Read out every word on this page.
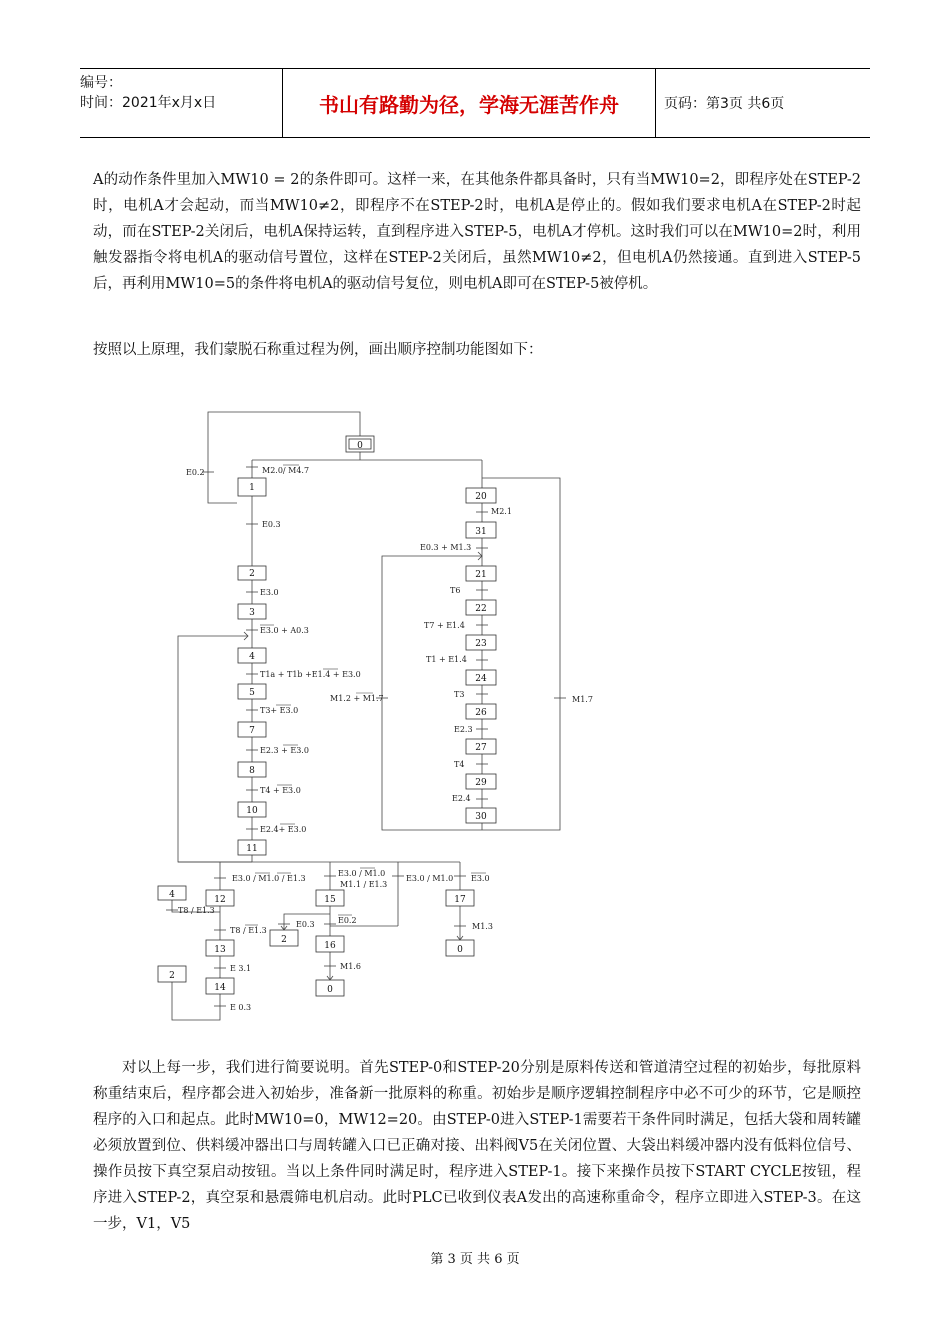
编号：
时间：2021年x月x日	书山有路勤为径，学海无涯苦作舟	页码：第3页 共6页

A的动作条件里加入MW10 = 2的条件即可。这样一来，在其他条件都具备时，只有当MW10=2，即程序处在STEP-2时，电机A才会起动，而当MW10≠2，即程序不在STEP-2时，电机A是停止的。假如我们要求电机A在STEP-2时起动，而在STEP-2关闭后，电机A保持运转，直到程序进入STEP-5，电机A才停机。这时我们可以在MW10=2时，利用触发器指令将电机A的驱动信号置位，这样在STEP-2关闭后，虽然MW10≠2，但电机A仍然接通。直到进入STEP-5后，再利用MW10=5的条件将电机A的驱动信号复位，则电机A即可在STEP-5被停机。

按照以上原理，我们蒙脱石称重过程为例，画出顺序控制功能图如下：

0
1
2
3
4
5
7
8
10
11
20
31
21
22
23
24
26
27
29
30
12	15	17
13
14
16
0
0
4
2
2
E0.2	M2.0/ M4.7
E0.3
E3.0
E3.0 + A0.3
T1a + T1b +E1.4 + E3.0
T3+ E3.0
E2.3 + E3.0
T4 + E3.0
E2.4+ E3.0
M2.1
E0.3 + M1.3
T6
T7 + E1.4
T1 + E1.4
T3
E2.3
T4
E2.4
M1.2 + M1.7	M1.7
E3.0 / M1.0 / E1.3
E3.0 / M1.0
M1.1 / E1.3
E3.0 / M1.0 E3.0
T8 / E1.3
T8 / E1.3
E0.3	E0.2
M1.3
M1.6
E 3.1
E 0.3

对以上每一步，我们进行简要说明。首先STEP-0和STEP-20分别是原料传送和管道清空过程的初始步，每批原料称重结束后，程序都会进入初始步，准备新一批原料的称重。初始步是顺序逻辑控制程序中必不可少的环节，它是顺控程序的入口和起点。此时MW10=0，MW12=20。由STEP-0进入STEP-1需要若干条件同时满足，包括大袋和周转罐必须放置到位、供料缓冲器出口与周转罐入口已正确对接、出料阀V5在关闭位置、大袋出料缓冲器内没有低料位信号、操作员按下真空泵启动按钮。当以上条件同时满足时，程序进入STEP-1。接下来操作员按下START CYCLE按钮，程序进入STEP-2，真空泵和悬震筛电机启动。此时PLC已收到仪表A发出的高速称重命令，程序立即进入STEP-3。在这一步，V1，V5

第 3 页 共 6 页
